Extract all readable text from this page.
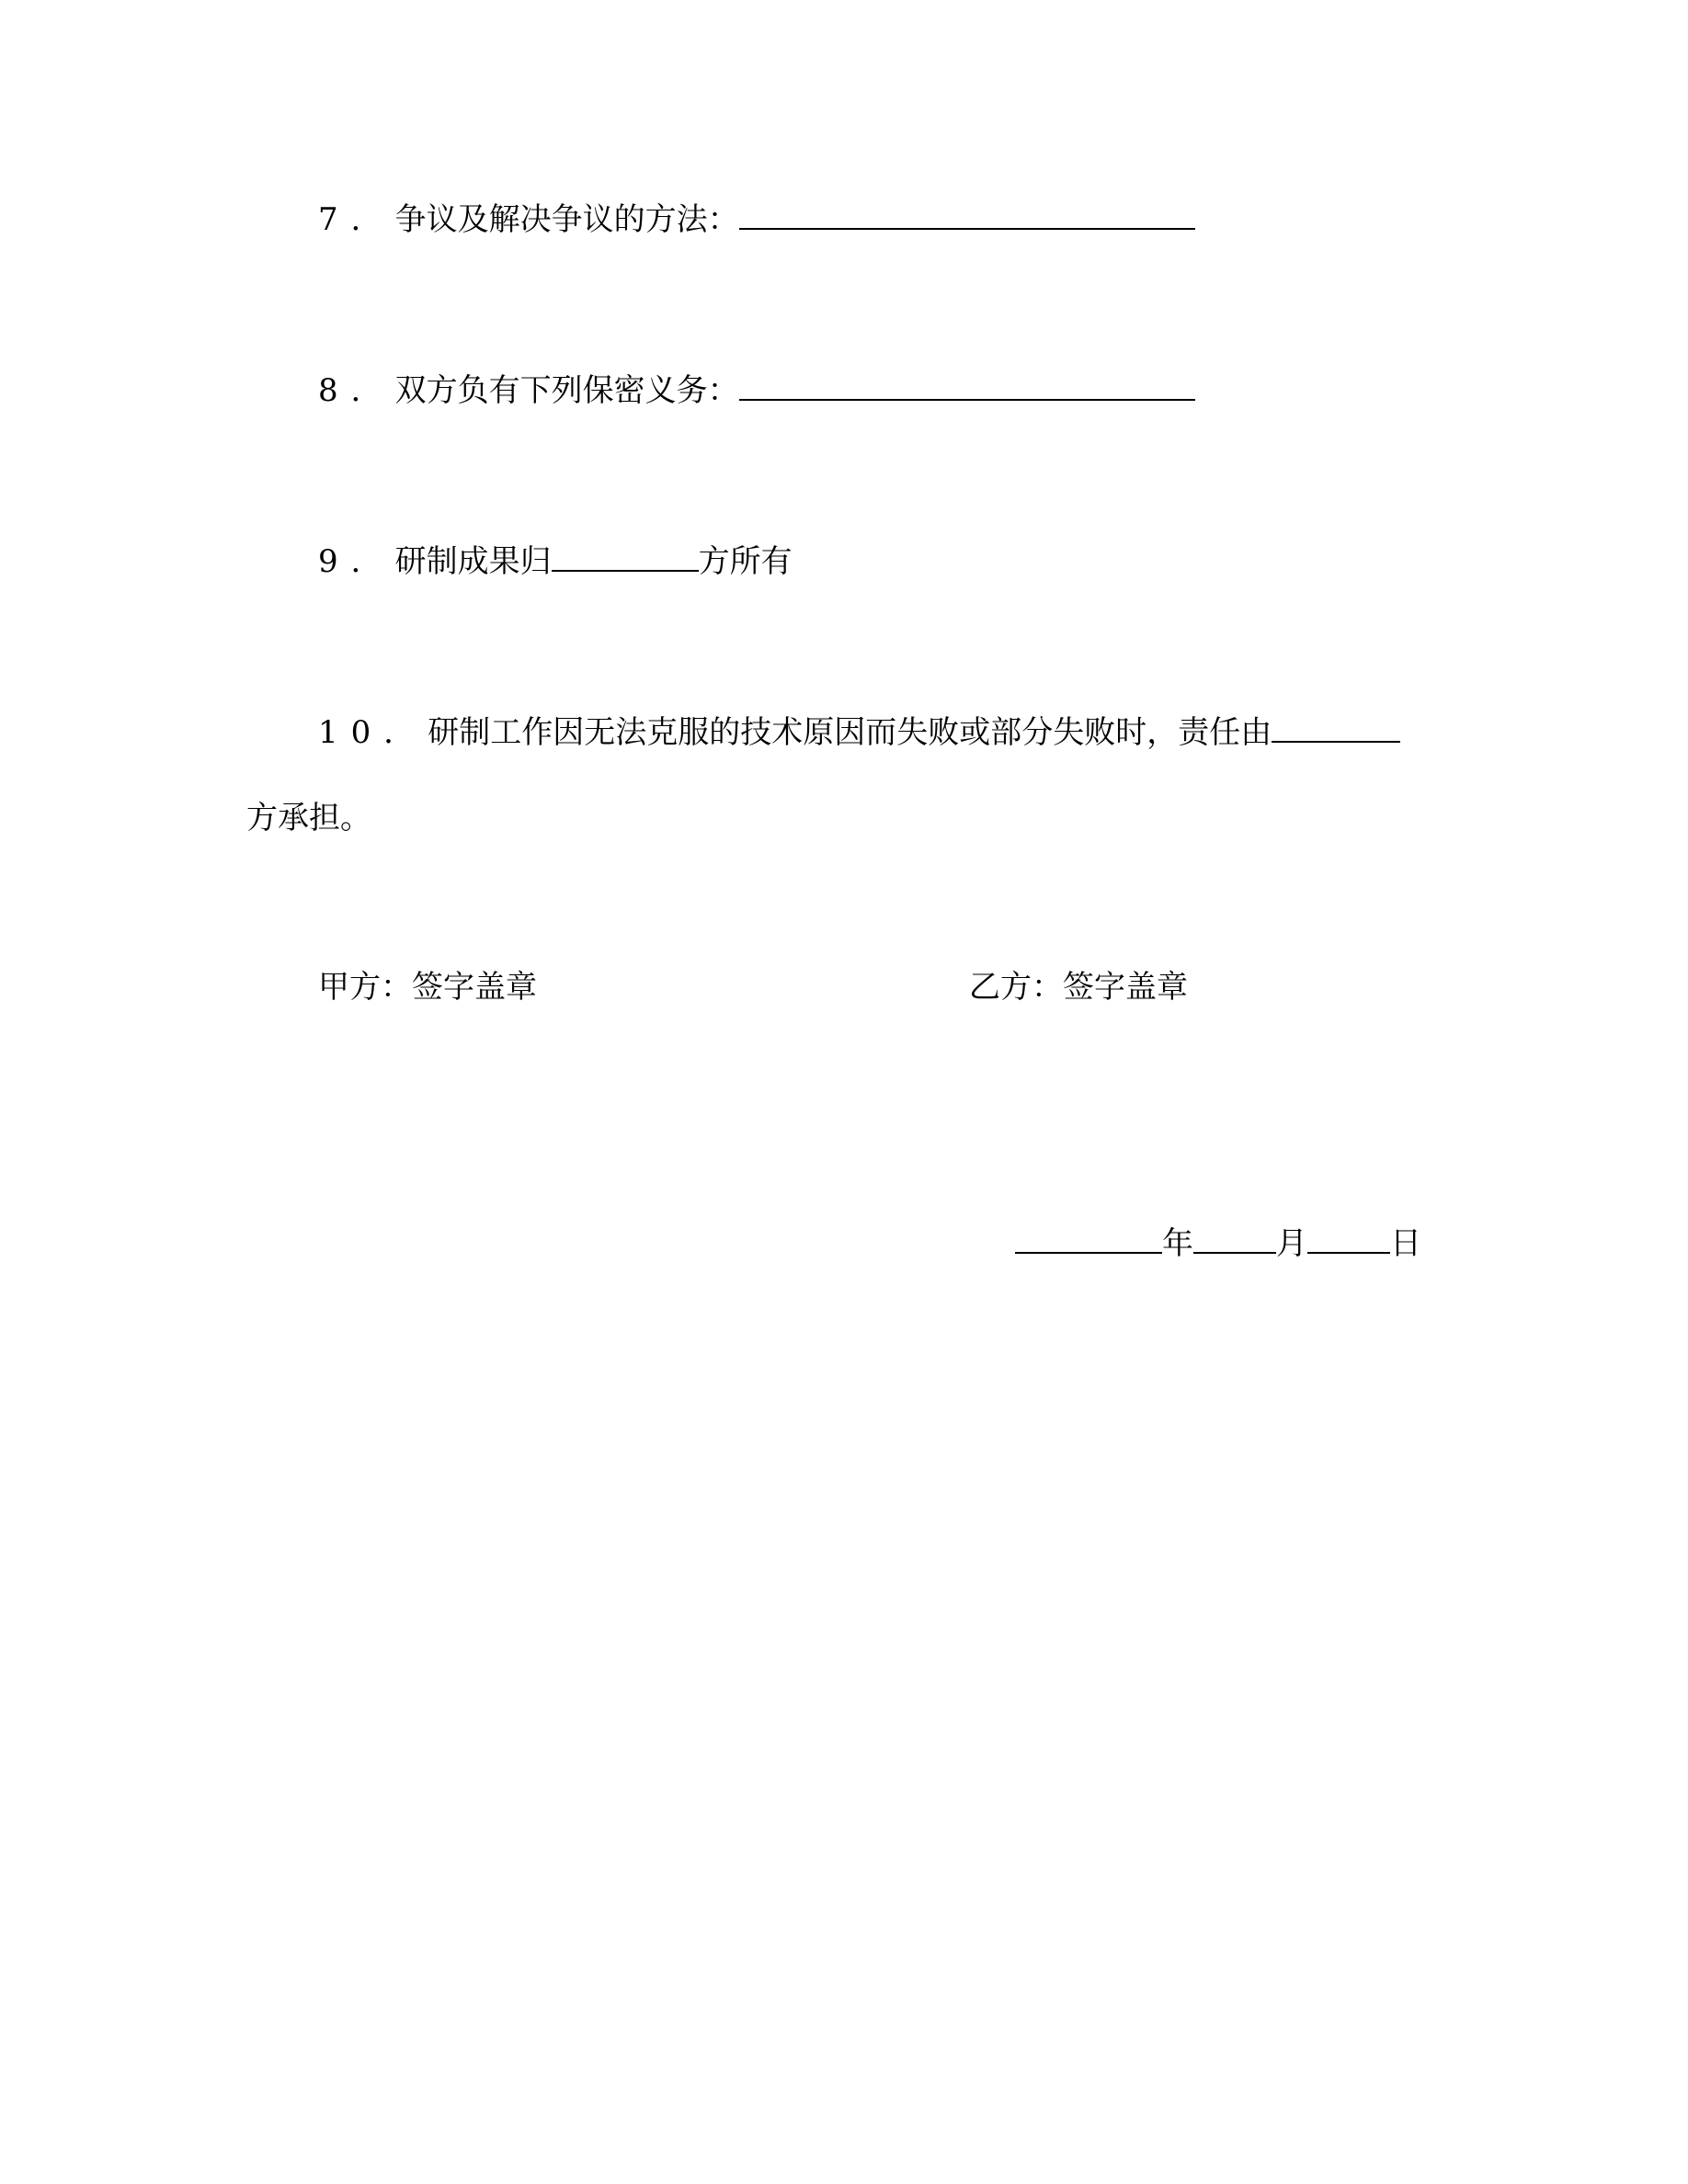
7．争议及解决争议的方法：
8．双方负有下列保密义务：
9．研制成果归	方所有
10．研制工作因无法克服的技术原因而失败或部分失败时，责任由
方承担。
甲方：签字盖章	乙方：签字盖章
年	月	日
